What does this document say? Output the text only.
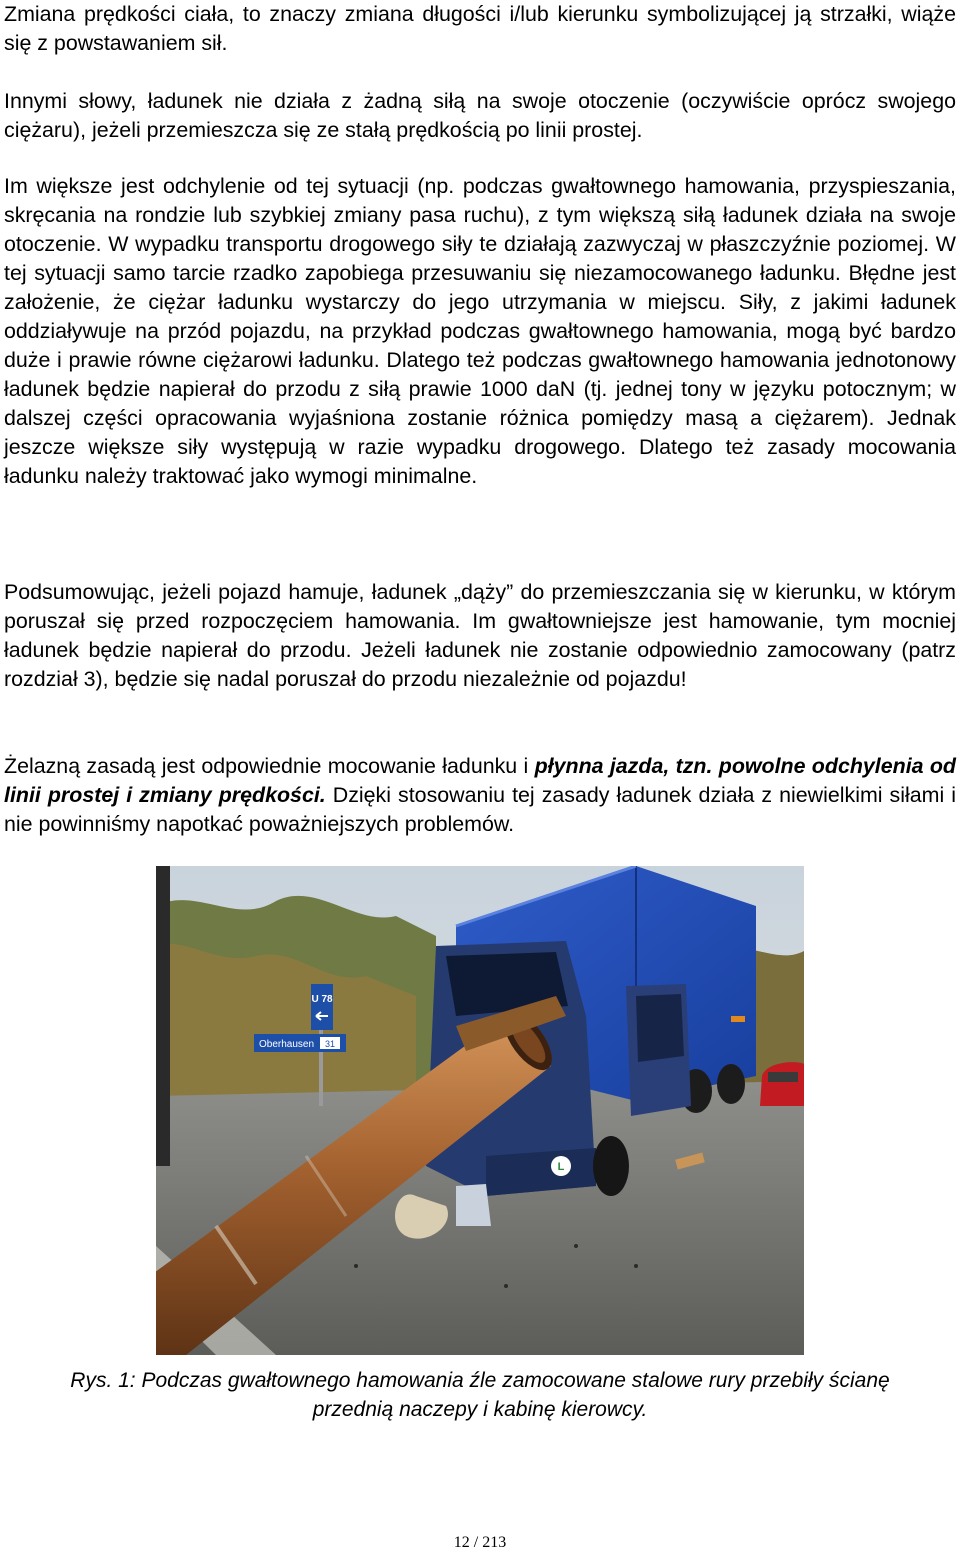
Zmiana prędkości ciała, to znaczy zmiana długości i/lub kierunku symbolizującej ją strzałki, wiąże się z powstawaniem sił.

Innymi słowy, ładunek nie działa z żadną siłą na swoje otoczenie (oczywiście oprócz swojego ciężaru), jeżeli przemieszcza się ze stałą prędkością po linii prostej.

Im większe jest odchylenie od tej sytuacji (np. podczas gwałtownego hamowania, przyspieszania, skręcania na rondzie lub szybkiej zmiany pasa ruchu), z tym większą siłą ładunek działa na swoje otoczenie. W wypadku transportu drogowego siły te działają zazwyczaj w płaszczyźnie poziomej. W tej sytuacji samo tarcie rzadko zapobiega przesuwaniu się niezamocowanego ładunku. Błędne jest założenie, że ciężar ładunku wystarczy do jego utrzymania w miejscu. Siły, z jakimi ładunek oddziaływuje na przód pojazdu, na przykład podczas gwałtownego hamowania, mogą być bardzo duże i prawie równe ciężarowi ładunku. Dlatego też podczas gwałtownego hamowania jednotonowy ładunek będzie napierał do przodu z siłą prawie 1000 daN (tj. jednej tony w języku potocznym; w dalszej części opracowania wyjaśniona zostanie różnica pomiędzy masą a ciężarem). Jednak jeszcze większe siły występują w razie wypadku drogowego. Dlatego też zasady mocowania ładunku należy traktować jako wymogi minimalne.

Podsumowując, jeżeli pojazd hamuje, ładunek „dąży” do przemieszczania się w kierunku, w którym poruszał się przed rozpoczęciem hamowania. Im gwałtowniejsze jest hamowanie, tym mocniej ładunek będzie napierał do przodu. Jeżeli ładunek nie zostanie odpowiednio zamocowany (patrz rozdział 3), będzie się nadal poruszał do przodu niezależnie od pojazdu!

Żelazną zasadą jest odpowiednie mocowanie ładunku i płynna jazda, tzn. powolne odchylenia od linii prostej i zmiany prędkości. Dzięki stosowaniu tej zasady ładunek działa z niewielkimi siłami i nie powinniśmy napotkać poważniejszych problemów.

U 78
Oberhausen 31
L

Rys. 1: Podczas gwałtownego hamowania źle zamocowane stalowe rury przebiły ścianę przednią naczepy i kabinę kierowcy.

12 / 213
